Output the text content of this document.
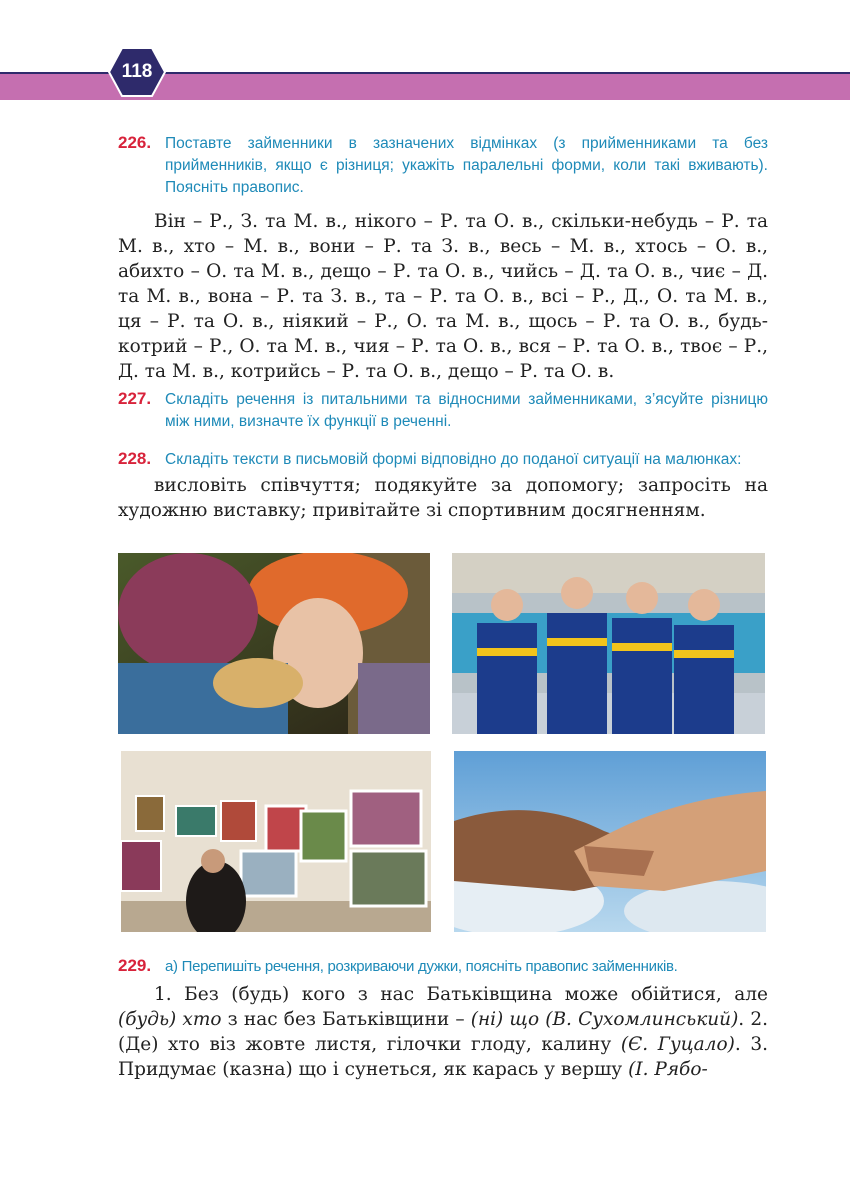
118
226. Поставте займенники в зазначених відмінках (з прийменниками та без прийменників, якщо є різниця; укажіть паралельні форми, коли такі вживають). Поясніть правопис.
Він – Р., З. та М. в., нікого – Р. та О. в., скільки-небудь – Р. та М. в., хто – М. в., вони – Р. та З. в., весь – М. в., хтось – О. в., абихто – О. та М. в., дещо – Р. та О. в., чийсь – Д. та О. в., чиє – Д. та М. в., вона – Р. та З. в., та – Р. та О. в., всі – Р., Д., О. та М. в., ця – Р. та О. в., ніякий – Р., О. та М. в., щось – Р. та О. в., будь-котрий – Р., О. та М. в., чия – Р. та О. в., вся – Р. та О. в., твоє – Р., Д. та М. в., котрийсь – Р. та О. в., дещо – Р. та О. в.
227. Складіть речення із питальними та відносними займенниками, з’ясуйте різницю між ними, визначте їх функції в реченні.
228. Складіть тексти в письмовій формі відповідно до поданої ситуації на малюнках:
висловіть співчуття; подякуйте за допомогу; запросіть на художню виставку; привітайте зі спортивним досягненням.
229. а) Перепишіть речення, розкриваючи дужки, поясніть правопис займенників.
1. Без (будь) кого з нас Батьківщина може обійтися, але (будь) хто з нас без Батьківщини – (ні) що (В. Сухомлинський). 2. (Де) хто віз жовте листя, гілочки глоду, калину (Є. Гуцало). 3. Придумає (казна) що і сунеться, як карась у вершу (І. Рябо-
